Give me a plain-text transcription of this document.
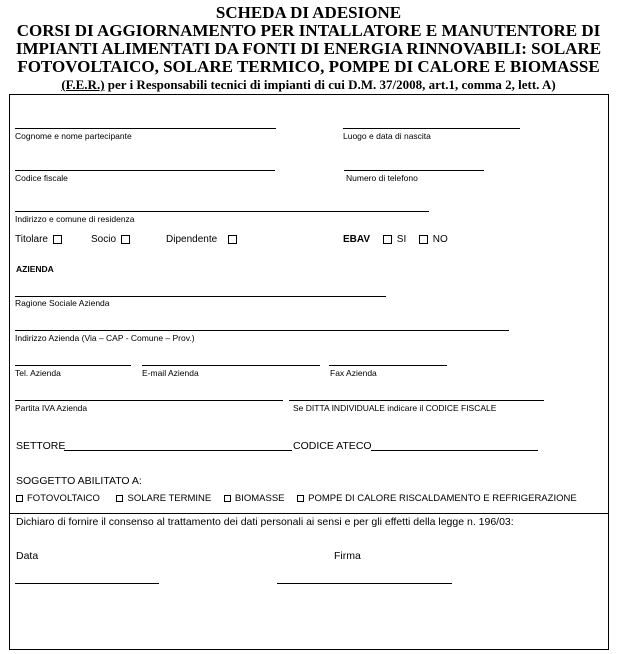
SCHEDA DI ADESIONE
CORSI DI AGGIORNAMENTO PER INTALLATORE E MANUTENTORE DI
IMPIANTI ALIMENTATI DA FONTI DI ENERGIA RINNOVABILI: SOLARE
FOTOVOLTAICO, SOLARE TERMICO, POMPE DI CALORE E BIOMASSE
(F.E.R.) per i Responsabili tecnici di impianti di cui D.M. 37/2008, art.1, comma 2, lett. A)
Cognome e nome partecipante	Luogo e data di nascita
Codice fiscale	Numero di telefono
Indirizzo e comune di residenza
Titolare	Socio	Dipendente	EBAV	SI	NO
AZIENDA
Ragione Sociale Azienda
Indirizzo Azienda (Via – CAP - Comune – Prov.)
Tel. Azienda	E-mail Azienda	Fax Azienda
Partita IVA Azienda	Se DITTA INDIVIDUALE indicare il CODICE FISCALE
SETTORE	CODICE ATECO
SOGGETTO ABILITATO A:
FOTOVOLTAICO	SOLARE TERMINE BIOMASSE POMPE DI CALORE RISCALDAMENTO E REFRIGERAZIONE
Dichiaro di fornire il consenso al trattamento dei dati personali ai sensi e per gli effetti della legge n. 196/03:
Data	Firma
